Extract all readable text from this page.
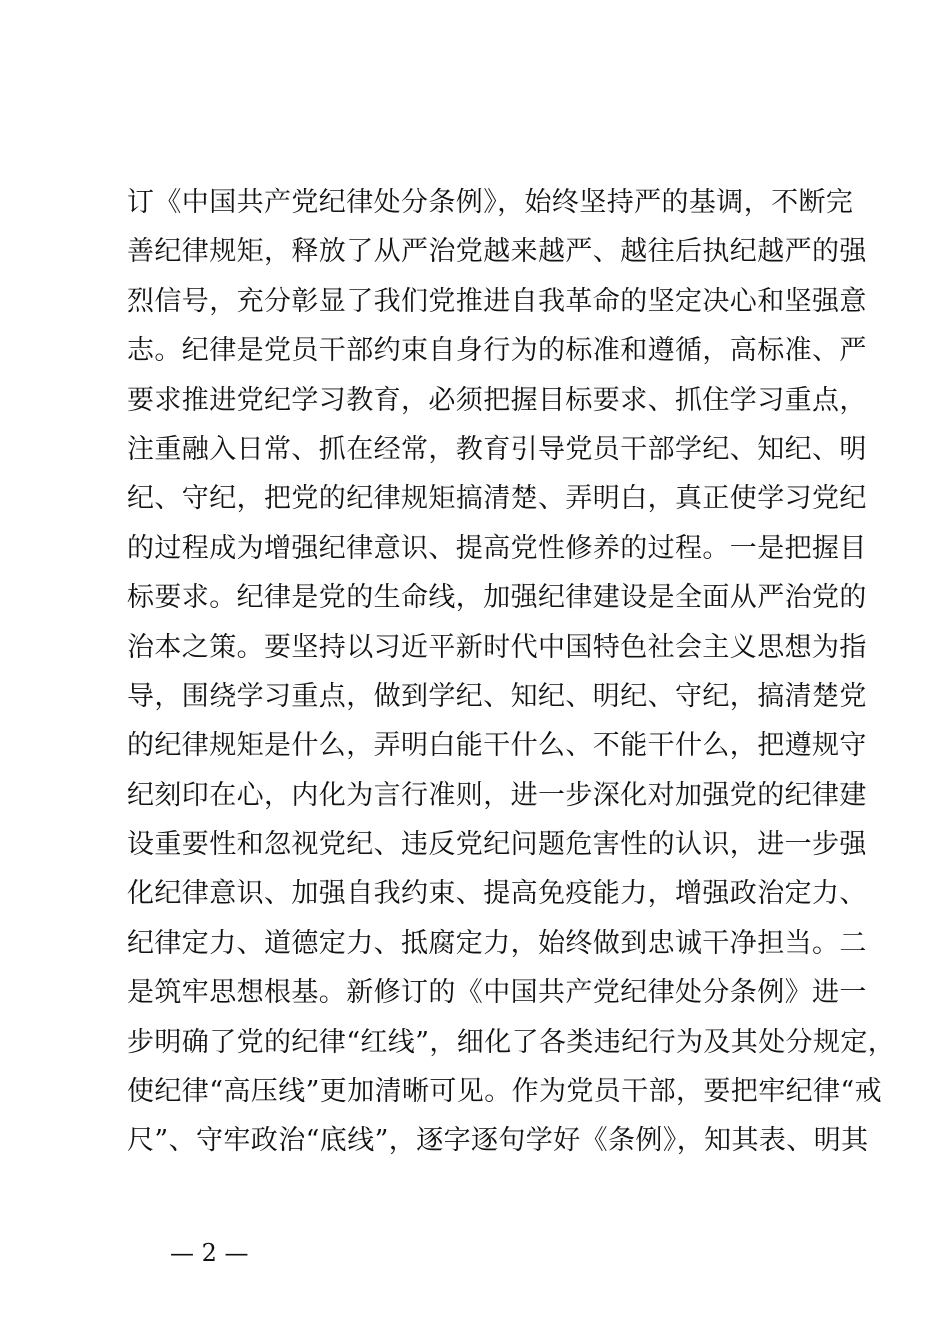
订《中国共产党纪律处分条例》，始终坚持严的基调，不断完
善纪律规矩，释放了从严治党越来越严、越往后执纪越严的强
烈信号，充分彰显了我们党推进自我革命的坚定决心和坚强意
志。纪律是党员干部约束自身行为的标准和遵循，高标准、严
要求推进党纪学习教育，必须把握目标要求、抓住学习重点，
注重融入日常、抓在经常，教育引导党员干部学纪、知纪、明
纪、守纪，把党的纪律规矩搞清楚、弄明白，真正使学习党纪
的过程成为增强纪律意识、提高党性修养的过程。一是把握目
标要求。纪律是党的生命线，加强纪律建设是全面从严治党的
治本之策。要坚持以习近平新时代中国特色社会主义思想为指
导，围绕学习重点，做到学纪、知纪、明纪、守纪，搞清楚党
的纪律规矩是什么，弄明白能干什么、不能干什么，把遵规守
纪刻印在心，内化为言行准则，进一步深化对加强党的纪律建
设重要性和忽视党纪、违反党纪问题危害性的认识，进一步强
化纪律意识、加强自我约束、提高免疫能力，增强政治定力、
纪律定力、道德定力、抵腐定力，始终做到忠诚干净担当。二
是筑牢思想根基。新修订的《中国共产党纪律处分条例》进一
步明确了党的纪律“红线”，细化了各类违纪行为及其处分规定，
使纪律“高压线”更加清晰可见。作为党员干部，要把牢纪律“戒
尺”、守牢政治“底线”，逐字逐句学好《条例》，知其表、明其
— 2 —
